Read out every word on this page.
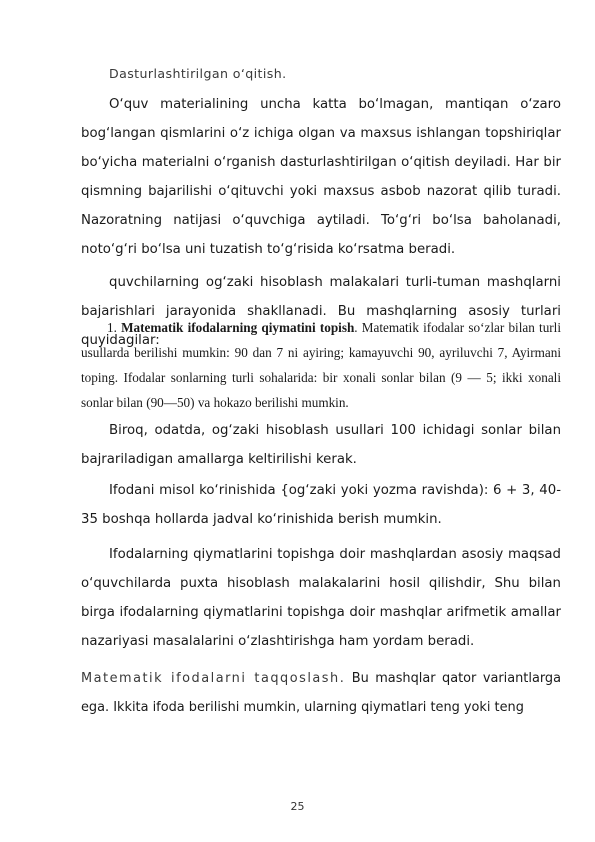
Dasturlashtirilgan o‘qitish.

O‘quv materialining uncha katta bo‘lmagan, mantiqan o‘zaro bog‘langan qismlarini o‘z ichiga olgan va maxsus ishlangan topshiriqlar bo‘yicha materialni o‘rganish dasturlashtirilgan o‘qitish deyiladi. Har bir qismning bajarilishi o‘qituvchi yoki maxsus asbob nazorat qilib turadi. Nazoratning natijasi o‘quvchiga aytiladi. To‘g‘ri bo‘lsa baholanadi, noto‘g‘ri bo‘lsa uni tuzatish to‘g‘risida ko‘rsatma beradi.

quvchilarning og‘zaki hisoblash malakalari turli-tuman mashqlarni bajarishlari jarayonida shakllanadi. Bu mashqlarning asosiy turlari quyidagilar:

1. Matematik ifodalarning qiymatini topish. Matematik ifodalar so‘zlar bilan turli usullarda berilishi mumkin: 90 dan 7 ni ayiring; kamayuvchi 90, ayriluvchi 7, Ayirmani toping. Ifodalar sonlarning turli sohalarida: bir xonali sonlar bilan (9 — 5; ikki xonali sonlar bilan (90—50) va hokazo berilishi mumkin.

Biroq, odatda, og‘zaki hisoblash usullari 100 ichidagi sonlar bilan bajrariladigan amallarga keltirilishi kerak.

Ifodani misol ko‘rinishida {og‘zaki yoki yozma ravishda): 6 + 3, 40-35 boshqa hollarda jadval ko‘rinishida berish mumkin.

Ifodalarning qiymatlarini topishga doir mashqlardan asosiy maqsad o‘quvchilarda puxta hisoblash malakalarini hosil qilishdir, Shu bilan birga ifodalarning qiymatlarini topishga doir mashqlar arifmetik amallar nazariyasi masalalarini o‘zlashtirishga ham yordam beradi.

Matematik ifodalarni taqqoslash. Bu mashqlar qator variantlarga ega. Ikkita ifoda berilishi mumkin, ularning qiymatlari teng yoki teng

25
